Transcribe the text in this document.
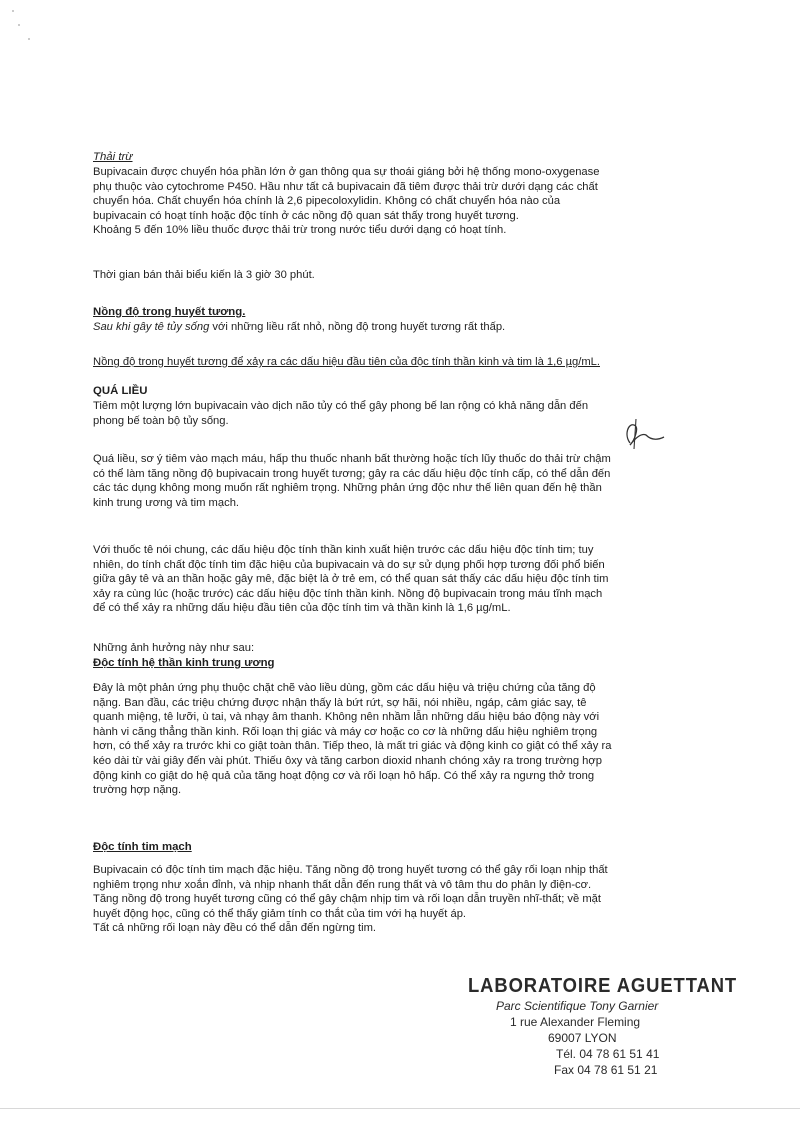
Thải trừ
Bupivacain được chuyển hóa phần lớn ở gan thông qua sự thoái giáng bởi hệ thống mono-oxygenase
phụ thuộc vào cytochrome P450. Hầu như tất cả bupivacain đã tiêm được thải trừ dưới dạng các chất
chuyển hóa. Chất chuyển hóa chính là 2,6 pipecoloxylidin. Không có chất chuyển hóa nào của
bupivacain có hoạt tính hoặc độc tính ở các nồng độ quan sát thấy trong huyết tương.
Khoảng 5 đến 10% liều thuốc được thải trừ trong nước tiểu dưới dạng có hoạt tính.
Thời gian bán thải biểu kiến là 3 giờ 30 phút.
Nồng độ trong huyết tương.
Sau khi gây tê tủy sống với những liều rất nhỏ, nồng độ trong huyết tương rất thấp.
Nồng độ trong huyết tương để xảy ra các dấu hiệu đầu tiên của độc tính thần kinh và tim là 1,6 µg/mL.
QUÁ LIỀU
Tiêm một lượng lớn bupivacain vào dịch não tủy có thể gây phong bế lan rộng có khả năng dẫn đến
phong bế toàn bộ tủy sống.
Quá liều, sơ ý tiêm vào mạch máu, hấp thu thuốc nhanh bất thường hoặc tích lũy thuốc do thải trừ chậm
có thể làm tăng nồng độ bupivacain trong huyết tương; gây ra các dấu hiệu độc tính cấp, có thể dẫn đến
các tác dụng không mong muốn rất nghiêm trọng. Những phản ứng độc như thế liên quan đến hệ thần
kinh trung ương và tim mạch.
Với thuốc tê nói chung, các dấu hiệu độc tính thần kinh xuất hiện trước các dấu hiệu độc tính tim; tuy
nhiên, do tính chất độc tính tim đặc hiệu của bupivacain và do sự sử dụng phối hợp tương đối phổ biến
giữa gây tê và an thần hoặc gây mê, đặc biệt là ở trẻ em, có thể quan sát thấy các dấu hiệu độc tính tim
xảy ra cùng lúc (hoặc trước) các dấu hiệu độc tính thần kinh. Nồng độ bupivacain trong máu tĩnh mạch
để có thể xảy ra những dấu hiệu đầu tiên của độc tính tim và thần kinh là 1,6 µg/mL.
Những ảnh hưởng này như sau:
Độc tính hệ thần kinh trung ương
Đây là một phản ứng phụ thuộc chặt chẽ vào liều dùng, gồm các dấu hiệu và triệu chứng của tăng độ
nặng. Ban đầu, các triệu chứng được nhận thấy là bứt rứt, sợ hãi, nói nhiều, ngáp, cảm giác say, tê
quanh miệng, tê lưỡi, ù tai, và nhạy âm thanh. Không nên nhầm lẫn những dấu hiệu báo động này với
hành vi căng thẳng thần kinh. Rối loạn thị giác và máy cơ hoặc co cơ là những dấu hiệu nghiêm trọng
hơn, có thể xảy ra trước khi co giật toàn thân. Tiếp theo, là mất tri giác và động kinh co giật có thể xảy ra
kéo dài từ vài giây đến vài phút. Thiếu ôxy và tăng carbon dioxid nhanh chóng xảy ra trong trường hợp
động kinh co giật do hệ quả của tăng hoạt động cơ và rối loạn hô hấp. Có thể xảy ra ngưng thở trong
trường hợp nặng.
Độc tính tim mạch
Bupivacain có độc tính tim mạch đặc hiệu. Tăng nồng độ trong huyết tương có thể gây rối loạn nhịp thất
nghiêm trọng như xoắn đỉnh, và nhịp nhanh thất dẫn đến rung thất và vô tâm thu do phân ly điện-cơ.
Tăng nồng độ trong huyết tương cũng có thể gây chậm nhịp tim và rối loạn dẫn truyền nhĩ-thất; về mặt
huyết động học, cũng có thể thấy giảm tính co thắt của tim với hạ huyết áp.
Tất cả những rối loạn này đều có thể dẫn đến ngừng tim.
LABORATOIRE AGUETTANT
Parc Scientifique Tony Garnier
1 rue Alexander Fleming
69007 LYON
Tél. 04 78 61 51 41
Fax 04 78 61 51 21
